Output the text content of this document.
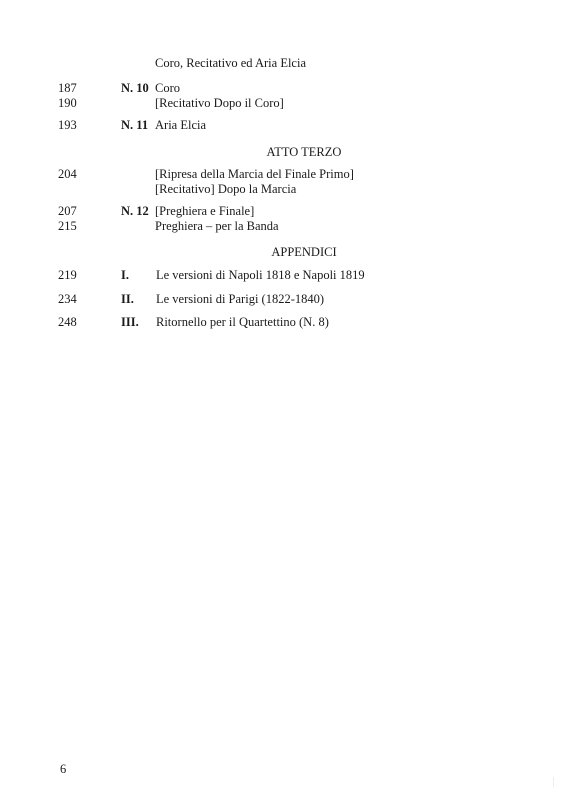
Coro, Recitativo ed Aria Elcia
187	N. 10 Coro
190	[Recitativo Dopo il Coro]
193	N. 11 Aria Elcia
ATTO TERZO
204	[Ripresa della Marcia del Finale Primo]
[Recitativo] Dopo la Marcia
207	N. 12 [Preghiera e Finale]
215	Preghiera – per la Banda
APPENDICI
219	I. Le versioni di Napoli 1818 e Napoli 1819
234	II. Le versioni di Parigi (1822-1840)
248	III. Ritornello per il Quartettino (N. 8)
6
